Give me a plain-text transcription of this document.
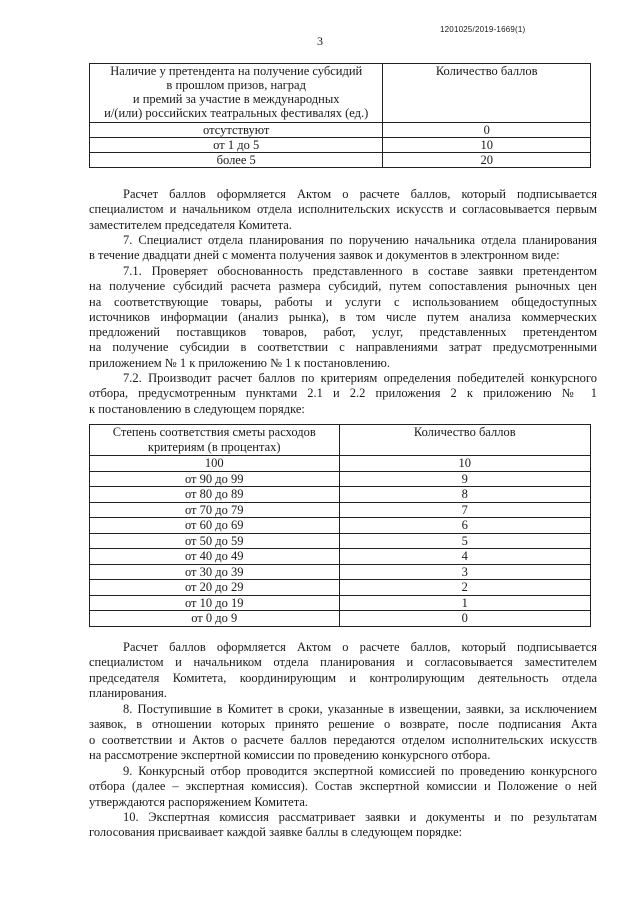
1201025/2019-1669(1)
3
Наличие у претендента на получение субсидий
в прошлом призов, наград
и премий за участие в международных
и/(или) российских театральных фестивалях (ед.)	Количество баллов
отсутствуют	0
от 1 до 5	10
более 5	20
Расчет баллов оформляется Актом о расчете баллов, который подписывается
специалистом и начальником отдела исполнительских искусств и согласовывается первым
заместителем председателя Комитета.
7. Специалист отдела планирования по поручению начальника отдела планирования
в течение двадцати дней с момента получения заявок и документов в электронном виде:
7.1. Проверяет обоснованность представленного в составе заявки претендентом
на получение субсидий расчета размера субсидий, путем сопоставления рыночных цен
на соответствующие товары, работы и услуги с использованием общедоступных
источников информации (анализ рынка), в том числе путем анализа коммерческих
предложений поставщиков товаров, работ, услуг, представленных претендентом
на получение субсидии в соответствии с направлениями затрат предусмотренными
приложением № 1 к приложению № 1 к постановлению.
7.2. Производит расчет баллов по критериям определения победителей конкурсного
отбора, предусмотренным пунктами 2.1 и 2.2 приложения 2 к приложению № 1
к постановлению в следующем порядке:
Степень соответствия сметы расходов
критериям (в процентах)	Количество баллов
100	10
от 90 до 99	9
от 80 до 89	8
от 70 до 79	7
от 60 до 69	6
от 50 до 59	5
от 40 до 49	4
от 30 до 39	3
от 20 до 29	2
от 10 до 19	1
от 0 до 9	0
Расчет баллов оформляется Актом о расчете баллов, который подписывается
специалистом и начальником отдела планирования и согласовывается заместителем
председателя Комитета, координирующим и контролирующим деятельность отдела
планирования.
8. Поступившие в Комитет в сроки, указанные в извещении, заявки, за исключением
заявок, в отношении которых принято решение о возврате, после подписания Акта
о соответствии и Актов о расчете баллов передаются отделом исполнительских искусств
на рассмотрение экспертной комиссии по проведению конкурсного отбора.
9. Конкурсный отбор проводится экспертной комиссией по проведению конкурсного
отбора (далее – экспертная комиссия). Состав экспертной комиссии и Положение о ней
утверждаются распоряжением Комитета.
10. Экспертная комиссия рассматривает заявки и документы и по результатам
голосования присваивает каждой заявке баллы в следующем порядке:
